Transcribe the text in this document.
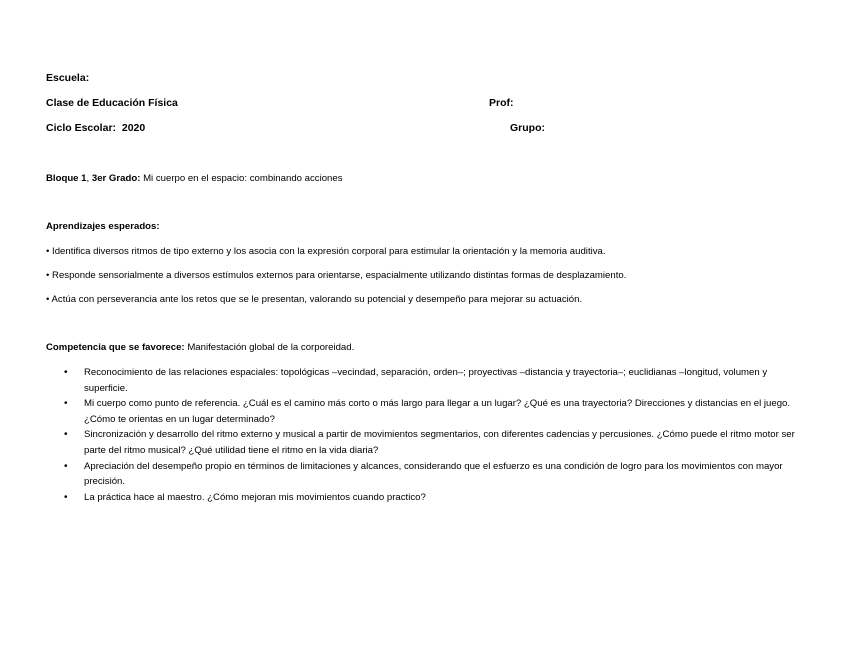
Escuela:
Clase de Educación Física	Prof:
Ciclo Escolar: 2020	Grupo:
Bloque 1, 3er Grado: Mi cuerpo en el espacio: combinando acciones
Aprendizajes esperados:
• Identifica diversos ritmos de tipo externo y los asocia con la expresión corporal para estimular la orientación y la memoria auditiva.
• Responde sensorialmente a diversos estímulos externos para orientarse, espacialmente utilizando distintas formas de desplazamiento.
• Actúa con perseverancia ante los retos que se le presentan, valorando su potencial y desempeño para mejorar su actuación.
Competencia que se favorece: Manifestación global de la corporeidad.
• Reconocimiento de las relaciones espaciales: topológicas –vecindad, separación, orden–; proyectivas –distancia y trayectoria–; euclidianas –longitud, volumen y superficie.
• Mi cuerpo como punto de referencia. ¿Cuál es el camino más corto o más largo para llegar a un lugar? ¿Qué es una trayectoria? Direcciones y distancias en el juego. ¿Cómo te orientas en un lugar determinado?
• Sincronización y desarrollo del ritmo externo y musical a partir de movimientos segmentarios, con diferentes cadencias y percusiones. ¿Cómo puede el ritmo motor ser parte del ritmo musical? ¿Qué utilidad tiene el ritmo en la vida diaria?
• Apreciación del desempeño propio en términos de limitaciones y alcances, considerando que el esfuerzo es una condición de logro para los movimientos con mayor precisión.
• La práctica hace al maestro. ¿Cómo mejoran mis movimientos cuando practico?
